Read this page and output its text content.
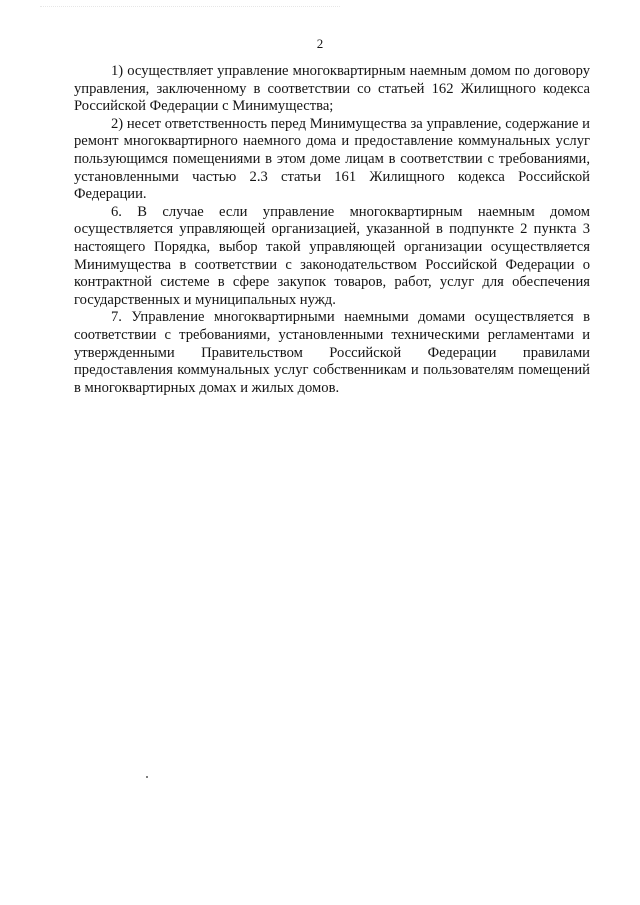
2

1) осуществляет управление многоквартирным наемным домом по договору управления, заключенному в соответствии со статьей 162 Жилищного кодекса Российской Федерации с Минимущества;

2) несет ответственность перед Минимущества за управление, содержание и ремонт многоквартирного наемного дома и предоставление коммунальных услуг пользующимся помещениями в этом доме лицам в соответствии с требованиями, установленными частью 2.3 статьи 161 Жилищного кодекса Российской Федерации.

6. В случае если управление многоквартирным наемным домом осуществляется управляющей организацией, указанной в подпункте 2 пункта 3 настоящего Порядка, выбор такой управляющей организации осуществляется Минимущества в соответствии с законодательством Российской Федерации о контрактной системе в сфере закупок товаров, работ, услуг для обеспечения государственных и муниципальных нужд.

7. Управление многоквартирными наемными домами осуществляется в соответствии с требованиями, установленными техническими регламентами и утвержденными Правительством Российской Федерации правилами предоставления коммунальных услуг собственникам и пользователям помещений в многоквартирных домах и жилых домов.
